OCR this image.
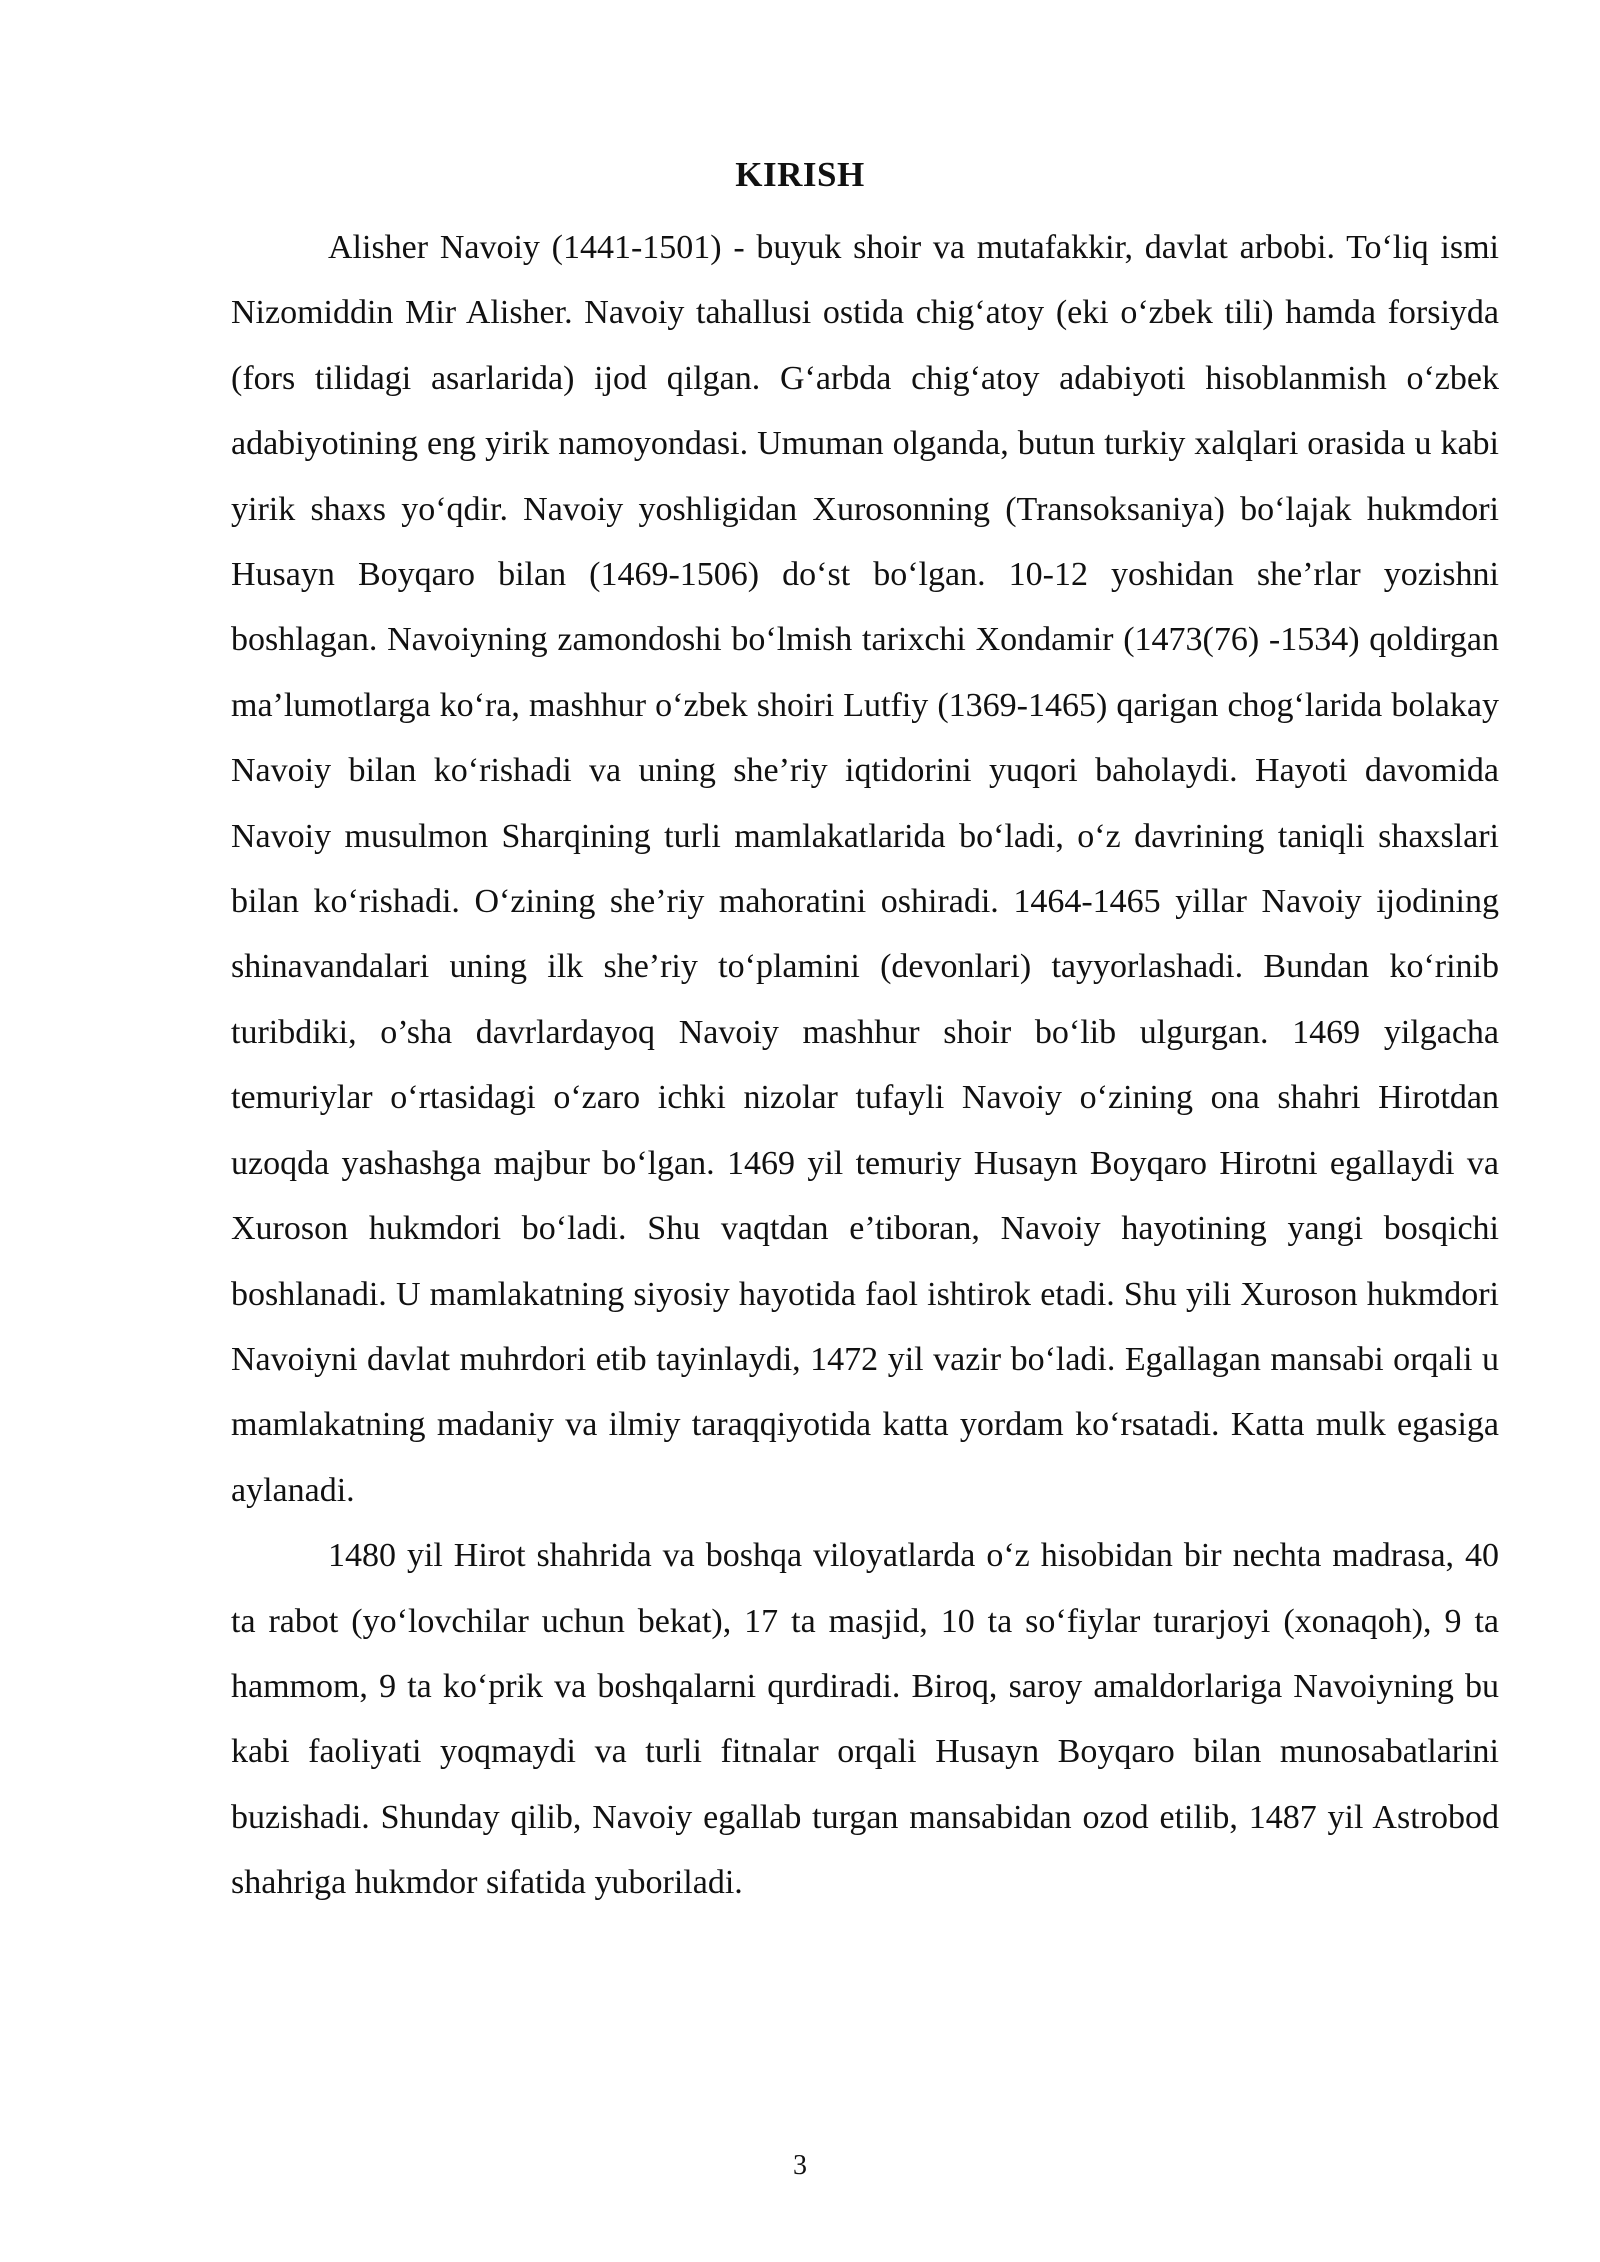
KIRISH

Alisher Navoiy (1441-1501) - buyuk shoir va mutafakkir, davlat arbobi. To‘liq ismi Nizomiddin Mir Alisher. Navoiy tahallusi ostida chig‘atoy (eki o‘zbek tili) hamda forsiyda (fors tilidagi asarlarida) ijod qilgan. G‘arbda chig‘atoy adabiyoti hisoblanmish o‘zbek adabiyotining eng yirik namoyondasi. Umuman olganda, butun turkiy xalqlari orasida u kabi yirik shaxs yo‘qdir. Navoiy yoshligidan Xurosonning (Transoksaniya) bo‘lajak hukmdori Husayn Boyqaro bilan (1469-1506) do‘st bo‘lgan. 10-12 yoshidan she’rlar yozishni boshlagan. Navoiyning zamondoshi bo‘lmish tarixchi Xondamir (1473(76) -1534) qoldirgan ma’lumotlarga ko‘ra, mashhur o‘zbek shoiri Lutfiy (1369-1465) qarigan chog‘larida bolakay Navoiy bilan ko‘rishadi va uning she’riy iqtidorini yuqori baholaydi. Hayoti davomida Navoiy musulmon Sharqining turli mamlakatlarida bo‘ladi, o‘z davrining taniqli shaxslari bilan ko‘rishadi. O‘zining she’riy mahoratini oshiradi. 1464-1465 yillar Navoiy ijodining shinavandalari uning ilk she’riy to‘plamini (devonlari) tayyorlashadi. Bundan ko‘rinib turibdiki, o’sha davrlardayoq Navoiy mashhur shoir bo‘lib ulgurgan. 1469 yilgacha temuriylar o‘rtasidagi o‘zaro ichki nizolar tufayli Navoiy o‘zining ona shahri Hirotdan uzoqda yashashga majbur bo‘lgan. 1469 yil temuriy Husayn Boyqaro Hirotni egallaydi va Xuroson hukmdori bo‘ladi. Shu vaqtdan e’tiboran, Navoiy hayotining yangi bosqichi boshlanadi. U mamlakatning siyosiy hayotida faol ishtirok etadi. Shu yili Xuroson hukmdori Navoiyni davlat muhrdori etib tayinlaydi, 1472 yil vazir bo‘ladi. Egallagan mansabi orqali u mamlakatning madaniy va ilmiy taraqqiyotida katta yordam ko‘rsatadi. Katta mulk egasiga aylanadi.

1480 yil Hirot shahrida va boshqa viloyatlarda o‘z hisobidan bir nechta madrasa, 40 ta rabot (yo‘lovchilar uchun bekat), 17 ta masjid, 10 ta so‘fiylar turarjoyi (xonaqoh), 9 ta hammom, 9 ta ko‘prik va boshqalarni qurdiradi. Biroq, saroy amaldorlariga Navoiyning bu kabi faoliyati yoqmaydi va turli fitnalar orqali Husayn Boyqaro bilan munosabatlarini buzishadi. Shunday qilib, Navoiy egallab turgan mansabidan ozod etilib, 1487 yil Astrobod shahriga hukmdor sifatida yuboriladi.

3
